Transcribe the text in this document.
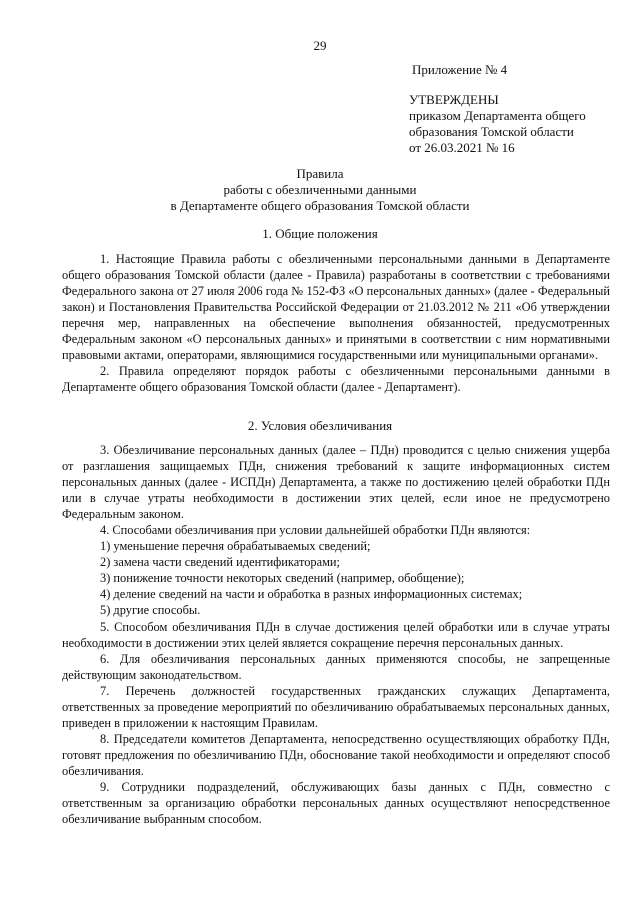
29
Приложение № 4
УТВЕРЖДЕНЫ
приказом Департамента общего
образования Томской области
от 26.03.2021 № 16
Правила
работы с обезличенными данными
в Департаменте общего образования Томской области
1. Общие положения

1. Настоящие Правила работы с обезличенными персональными данными в Департаменте общего образования Томской области (далее - Правила) разработаны в соответствии с требованиями Федерального закона от 27 июля 2006 года № 152-ФЗ «О персональных данных» (далее - Федеральный закон) и Постановления Правительства Российской Федерации от 21.03.2012 № 211 «Об утверждении перечня мер, направленных на обеспечение выполнения обязанностей, предусмотренных Федеральным законом «О персональных данных» и принятыми в соответствии с ним нормативными правовыми актами, операторами, являющимися государственными или муниципальными органами».

2. Правила определяют порядок работы с обезличенными персональными данными в Департаменте общего образования Томской области (далее - Департамент).

2. Условия обезличивания

3. Обезличивание персональных данных (далее – ПДн) проводится с целью снижения ущерба от разглашения защищаемых ПДн, снижения требований к защите информационных систем персональных данных (далее - ИСПДн) Департамента, а также по достижению целей обработки ПДн или в случае утраты необходимости в достижении этих целей, если иное не предусмотрено Федеральным законом.

4. Способами обезличивания при условии дальнейшей обработки ПДн являются:

1) уменьшение перечня обрабатываемых сведений;

2) замена части сведений идентификаторами;

3) понижение точности некоторых сведений (например, обобщение);

4) деление сведений на части и обработка в разных информационных системах;

5) другие способы.

5. Способом обезличивания ПДн в случае достижения целей обработки или в случае утраты необходимости в достижении этих целей является сокращение перечня персональных данных.

6. Для обезличивания персональных данных применяются способы, не запрещенные действующим законодательством.

7. Перечень должностей государственных гражданских служащих Департамента, ответственных за проведение мероприятий по обезличиванию обрабатываемых персональных данных, приведен в приложении к настоящим Правилам.

8. Председатели комитетов Департамента, непосредственно осуществляющих обработку ПДн, готовят предложения по обезличиванию ПДн, обоснование такой необходимости и определяют способ обезличивания.

9. Сотрудники подразделений, обслуживающих базы данных с ПДн, совместно с ответственным за организацию обработки персональных данных осуществляют непосредственное обезличивание выбранным способом.
